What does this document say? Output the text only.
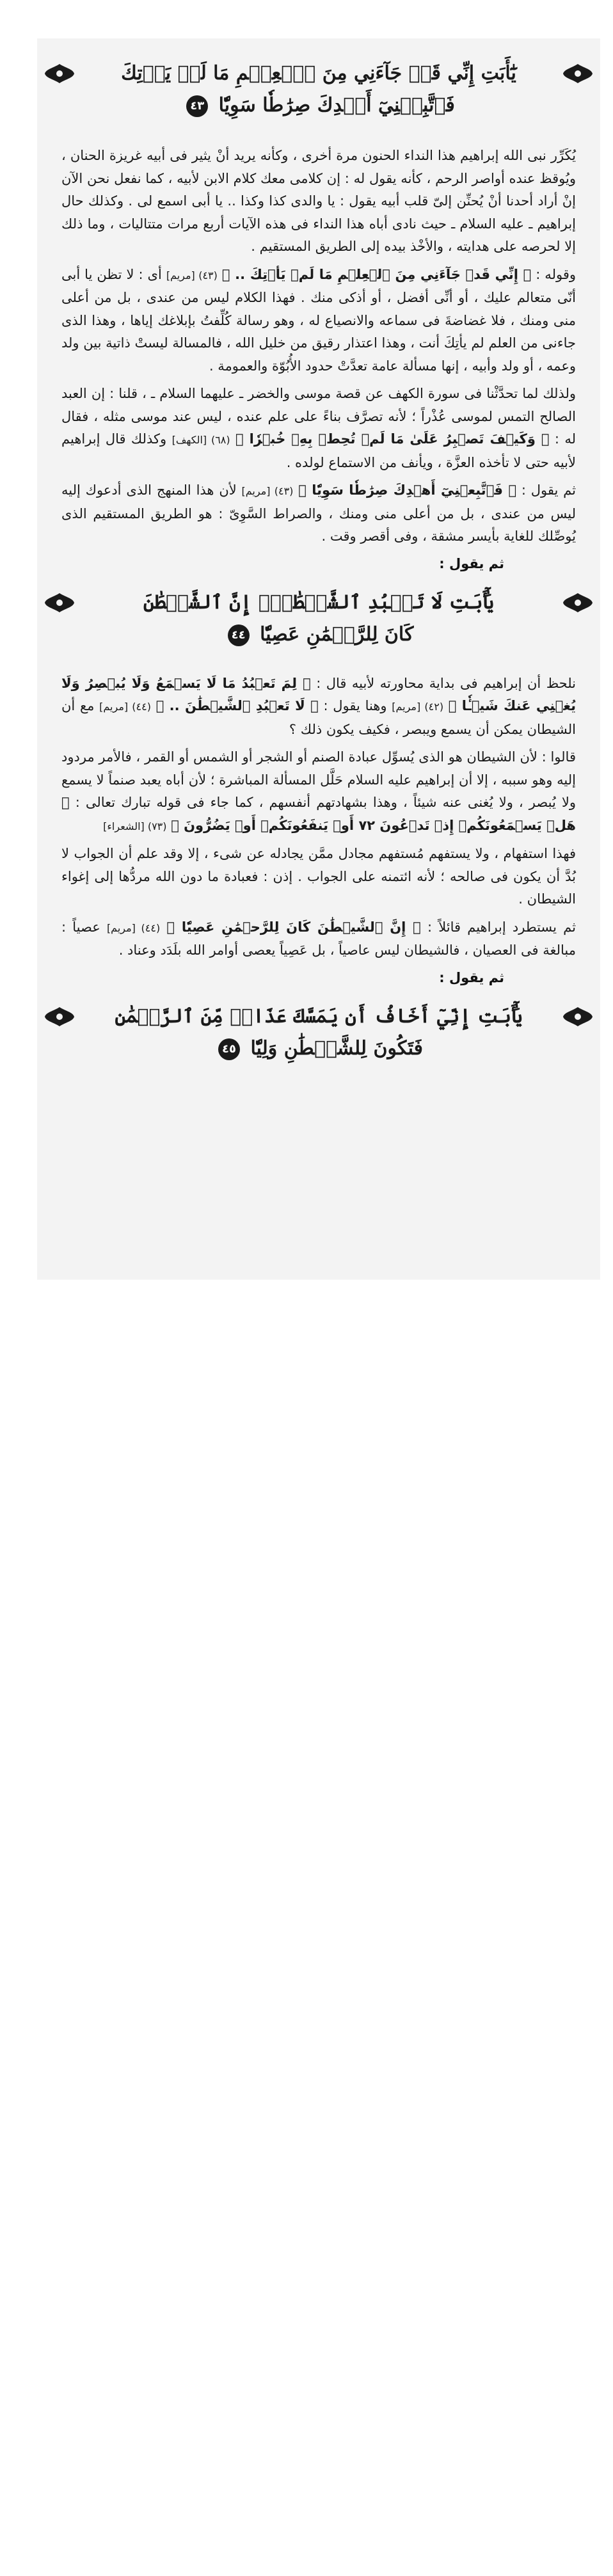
يَٰٓأَبَتِ إِنِّي قَدۡ جَآءَنِي مِنَ ٱلۡعِلۡمِ مَا لَمۡ يَأۡتِكَ
فَٱتَّبِعۡنِيٓ أَهۡدِكَ صِرَٰطٗا سَوِيّٗا ٤٣

يُكَرِّر نبى الله إبراهيم هذا النداء الحنون مرة أخرى ، وكأنه يريد أنْ يثير فى أبيه غريزة الحنان ، ويُوقظ عنده أواصر الرحم ، كأنه يقول له : إن كلامى معك كلام الابن لأبيه ، كما نفعل نحن الآن إنْ أراد أحدنا أنْ يُحنِّن إلىّ قلب أبيه يقول : يا والدى كذا وكذا .. يا أبى اسمع لى . وكذلك حال إبراهيم ـ عليه السلام ـ حيث نادى أباه هذا النداء فى هذه الآيات أربع مرات متتاليات ، وما ذلك إلا لحرصه على هدايته ، والأخْذ بيده إلى الطريق المستقيم .

وقوله : ﴿ إِنِّي قَدۡ جَآءَنِي مِنَ ٱلۡعِلۡمِ مَا لَمۡ يَأۡتِكَ .. ﴾ (٤٣) [مريم] أى : لا تظن يا أبى أنّى متعالم عليك ، أو أنِّى أفضل ، أو أذكى منك . فهذا الكلام ليس من عندى ، بل من أعلى منى ومنك ، فلا غضاضةَ فى سماعه والانصياع له ، وهو رسالة كُلِّفتُ بإبلاغك إياها ، وهذا الذى جاءنى من العلم لم يأتِكَ أنت ، وهذا اعتذار رقيق من خليل الله ، فالمسالة ليستْ ذاتية بين ولد وعمه ، أو ولد وأبيه ، إنها مسألة عامة تعدَّتْ حدود الأُبُوّة والعمومة .

ولذلك لما تحدَّثْنا فى سورة الكهف عن قصة موسى والخضر ـ عليهما السلام ـ ، قلنا : إن العبد الصالح التمس لموسى عُذْراً ؛ لأنه تصرَّف بناءً على علم عنده ، ليس عند موسى مثله ، فقال له : ﴿ وَكَيۡفَ تَصۡبِرُ عَلَىٰ مَا لَمۡ تُحِطۡ بِهِۦ خُبۡرٗا ﴾ (٦٨) [الكهف] وكذلك قال إبراهيم لأبيه حتى لا تأخذه العزَّة ، ويأنف من الاستماع لولده .

ثم يقول : ﴿ فَٱتَّبِعۡنِيٓ أَهۡدِكَ صِرَٰطٗا سَوِيّٗا ﴾ (٤٣) [مريم] لأن هذا المنهج الذى أدعوك إليه ليس من عندى ، بل من أعلى منى ومنك ، والصراط السَّوِىّ : هو الطريق المستقيم الذى يُوصِّلك للغاية بأيسر مشقة ، وفى أقصر وقت .

ثم يقول :

يَٰٓأَبَتِ لَا تَعۡبُدِ ٱلشَّيۡطَٰنَۖ إِنَّ ٱلشَّيۡطَٰنَ
كَانَ لِلرَّحۡمَٰنِ عَصِيّٗا ٤٤

نلحظ أن إبراهيم فى بداية محاورته لأبيه قال : ﴿ لِمَ تَعۡبُدُ مَا لَا يَسۡمَعُ وَلَا يُبۡصِرُ وَلَا يُغۡنِي عَنكَ شَيۡـٔٗا ﴾ (٤٢) [مريم] وهنا يقول : ﴿ لَا تَعۡبُدِ ٱلشَّيۡطَٰنَ .. ﴾ (٤٤) [مريم] مع أن الشيطان يمكن أن يسمع ويبصر ، فكيف يكون ذلك ؟

قالوا : لأن الشيطان هو الذى يُسوِّل عبادة الصنم أو الشجر أو الشمس أو القمر ، فالأمر مردود إليه وهو سببه ، إلا أن إبراهيم عليه السلام حَلَّل المسألة المباشرة ؛ لأن أباه يعبد صنماً لا يسمع ولا يُبصر ، ولا يُغنى عنه شيئاً ، وهذا بشهادتهم أنفسهم ، كما جاء فى قوله تبارك تعالى : ﴿ هَلۡ يَسۡمَعُونَكُمۡ إِذۡ تَدۡعُونَ ٧٢ أَوۡ يَنفَعُونَكُمۡ أَوۡ يَضُرُّونَ ﴾ (٧٣) [الشعراء]

فهذا استفهام ، ولا يستفهم مُستفهم مجادل ممَّن يجادله عن شىء ، إلا وقد علم أن الجواب لا بُدَّ أن يكون فى صالحه ؛ لأنه ائتمنه على الجواب . إذن : فعبادة ما دون الله مردُّها إلى إغواء الشيطان .

ثم يستطرد إبراهيم قائلاً : ﴿ إِنَّ ٱلشَّيۡطَٰنَ كَانَ لِلرَّحۡمَٰنِ عَصِيّٗا ﴾ (٤٤) [مريم] عصياً : مبالغة فى العصيان ، فالشيطان ليس عاصياً ، بل عَصِياً يعصى أوامر الله بلَدَد وعناد .

ثم يقول :

يَٰٓأَبَتِ إِنِّيٓ أَخَافُ أَن يَمَسَّكَ عَذَابٞ مِّنَ ٱلرَّحۡمَٰنِ
فَتَكُونَ لِلشَّيۡطَٰنِ وَلِيّٗا ٤٥
